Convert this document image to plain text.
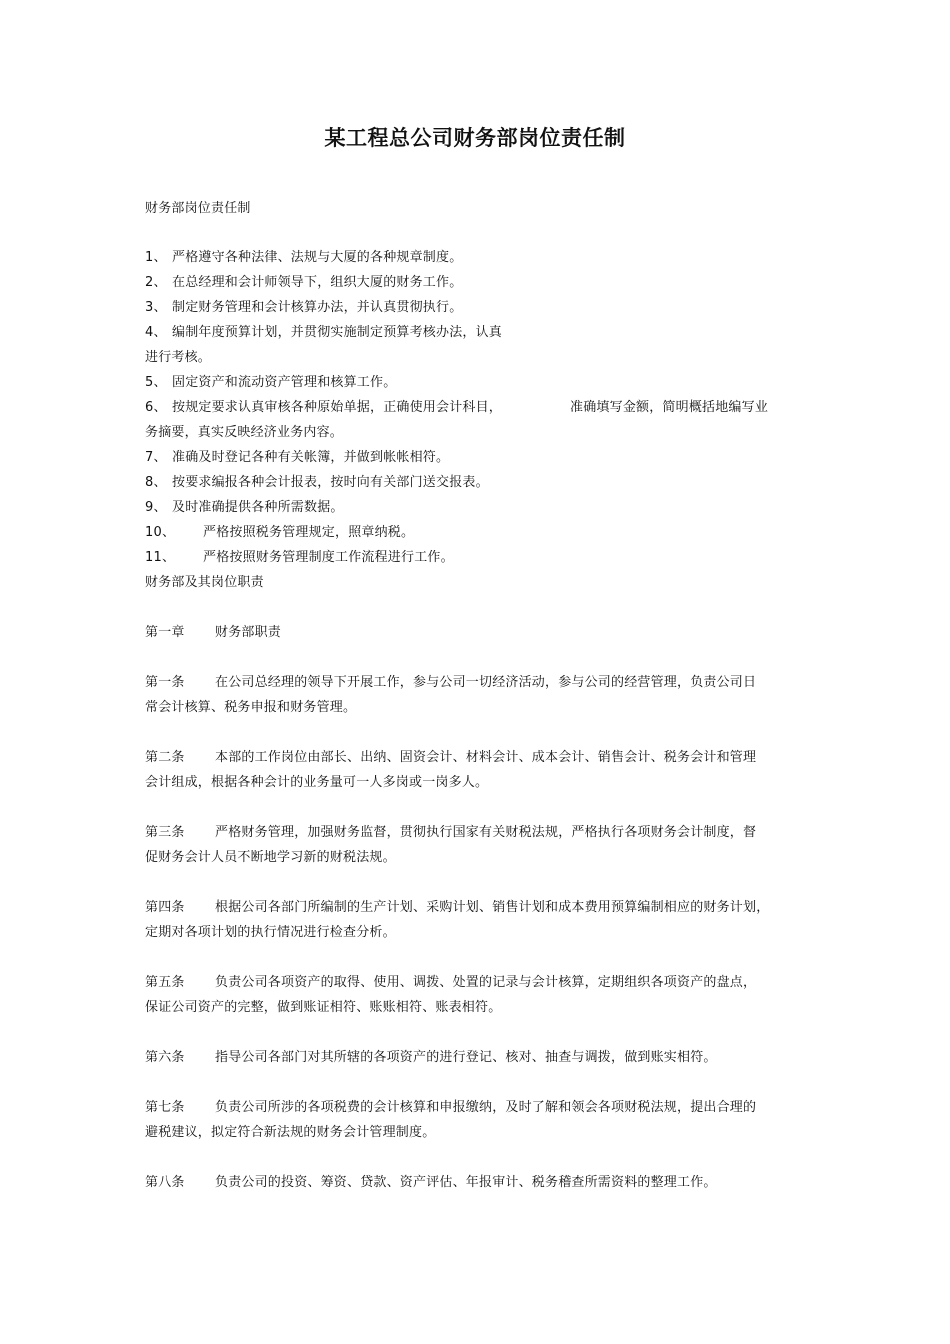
某工程总公司财务部岗位责任制
财务部岗位责任制
1、 严格遵守各种法律、法规与大厦的各种规章制度。
2、 在总经理和会计师领导下，组织大厦的财务工作。
3、 制定财务管理和会计核算办法，并认真贯彻执行。
4、 编制年度预算计划，并贯彻实施制定预算考核办法，认真
进行考核。
5、 固定资产和流动资产管理和核算工作。
6、 按规定要求认真审核各种原始单据，正确使用会计科目，	准确填写金额，简明概括地编写业
务摘要，真实反映经济业务内容。
7、 准确及时登记各种有关帐簿，并做到帐帐相符。
8、 按要求编报各种会计报表，按时向有关部门送交报表。
9、 及时准确提供各种所需数据。
10、 严格按照税务管理规定，照章纳税。
11、 严格按照财务管理制度工作流程进行工作。
财务部及其岗位职责
第一章 财务部职责
第一条 在公司总经理的领导下开展工作，参与公司一切经济活动，参与公司的经营管理，负责公司日
常会计核算、税务申报和财务管理。
第二条 本部的工作岗位由部长、出纳、固资会计、材料会计、成本会计、销售会计、税务会计和管理
会计组成，根据各种会计的业务量可一人多岗或一岗多人。
第三条 严格财务管理，加强财务监督，贯彻执行国家有关财税法规，严格执行各项财务会计制度，督
促财务会计人员不断地学习新的财税法规。
第四条 根据公司各部门所编制的生产计划、采购计划、销售计划和成本费用预算编制相应的财务计划，
定期对各项计划的执行情况进行检查分析。
第五条 负责公司各项资产的取得、使用、调拨、处置的记录与会计核算，定期组织各项资产的盘点，
保证公司资产的完整，做到账证相符、账账相符、账表相符。
第六条 指导公司各部门对其所辖的各项资产的进行登记、核对、抽查与调拨，做到账实相符。
第七条 负责公司所涉的各项税费的会计核算和申报缴纳，及时了解和领会各项财税法规，提出合理的
避税建议，拟定符合新法规的财务会计管理制度。
第八条 负责公司的投资、筹资、贷款、资产评估、年报审计、税务稽查所需资料的整理工作。
